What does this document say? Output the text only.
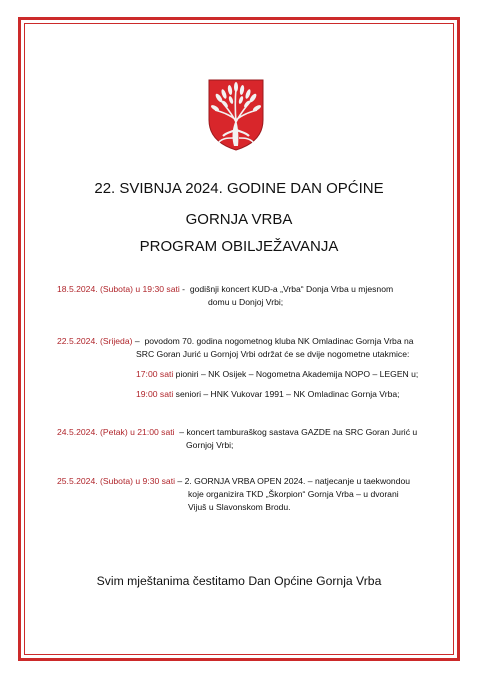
22. SVIBNJA 2024. GODINE DAN OPĆINE
GORNJA VRBA
PROGRAM OBILJEŽAVANJA
18.5.2024. (Subota) u 19:30 sati -  godišnji koncert KUD-a „Vrba“ Donja Vrba u mjesnom
domu u Donjoj Vrbi;
22.5.2024. (Srijeda) –  povodom 70. godina nogometnog kluba NK Omladinac Gornja Vrba na
SRC Goran Jurić u Gornjoj Vrbi održat će se dvije nogometne utakmice:
17:00 sati pioniri – NK Osijek – Nogometna Akademija NOPO – LEGEN u;
19:00 sati seniori – HNK Vukovar 1991 – NK Omladinac Gornja Vrba;
24.5.2024. (Petak) u 21:00 sati  – koncert tamburaškog sastava GAZDE na SRC Goran Jurić u
Gornjoj Vrbi;
25.5.2024. (Subota) u 9:30 sati – 2. GORNJA VRBA OPEN 2024. – natjecanje u taekwondou
koje organizira TKD „Škorpion“ Gornja Vrba – u dvorani
Vijuš u Slavonskom Brodu.
Svim mještanima čestitamo Dan Općine Gornja Vrba
